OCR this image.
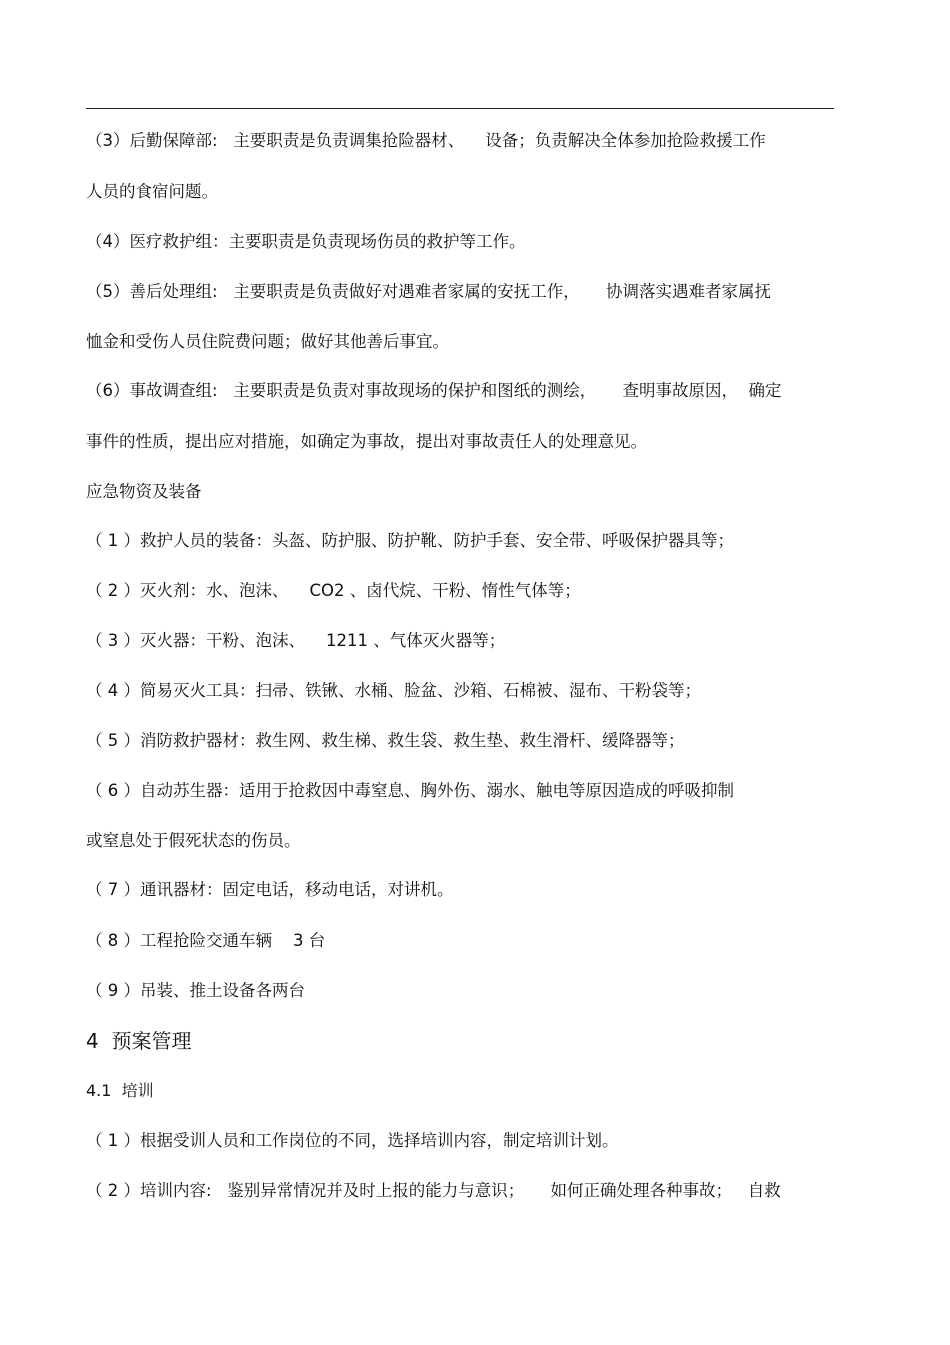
（3）后勤保障部:   主要职责是负责调集抢险器材、    设备；负责解决全体参加抢险救援工作
人员的食宿问题。
（4）医疗救护组：主要职责是负责现场伤员的救护等工作。
（5）善后处理组:   主要职责是负责做好对遇难者家属的安抚工作，     协调落实遇难者家属抚
恤金和受伤人员住院费问题；做好其他善后事宜。
（6）事故调查组:   主要职责是负责对事故现场的保护和图纸的测绘，     查明事故原因，  确定
事件的性质，提出应对措施，如确定为事故，提出对事故责任人的处理意见。
应急物资及装备
（ 1 ）救护人员的装备：头盔、防护服、防护靴、防护手套、安全带、呼吸保护器具等；
（ 2 ）灭火剂：水、泡沫、    CO2 、卤代烷、干粉、惰性气体等；
（ 3 ）灭火器：干粉、泡沫、    1211 、气体灭火器等；
（ 4 ）简易灭火工具：扫帚、铁锹、水桶、脸盆、沙箱、石棉被、湿布、干粉袋等；
（ 5 ）消防救护器材：救生网、救生梯、救生袋、救生垫、救生滑杆、缓降器等；
（ 6 ）自动苏生器：适用于抢救因中毒窒息、胸外伤、溺水、触电等原因造成的呼吸抑制
或窒息处于假死状态的伤员。
（ 7 ）通讯器材：固定电话，移动电话，对讲机。
（ 8 ）工程抢险交通车辆    3 台
（ 9 ）吊装、推土设备各两台
4  预案管理
4.1  培训
（ 1 ）根据受训人员和工作岗位的不同，选择培训内容，制定培训计划。
（ 2 ）培训内容:   鉴别异常情况并及时上报的能力与意识；     如何正确处理各种事故；   自救
